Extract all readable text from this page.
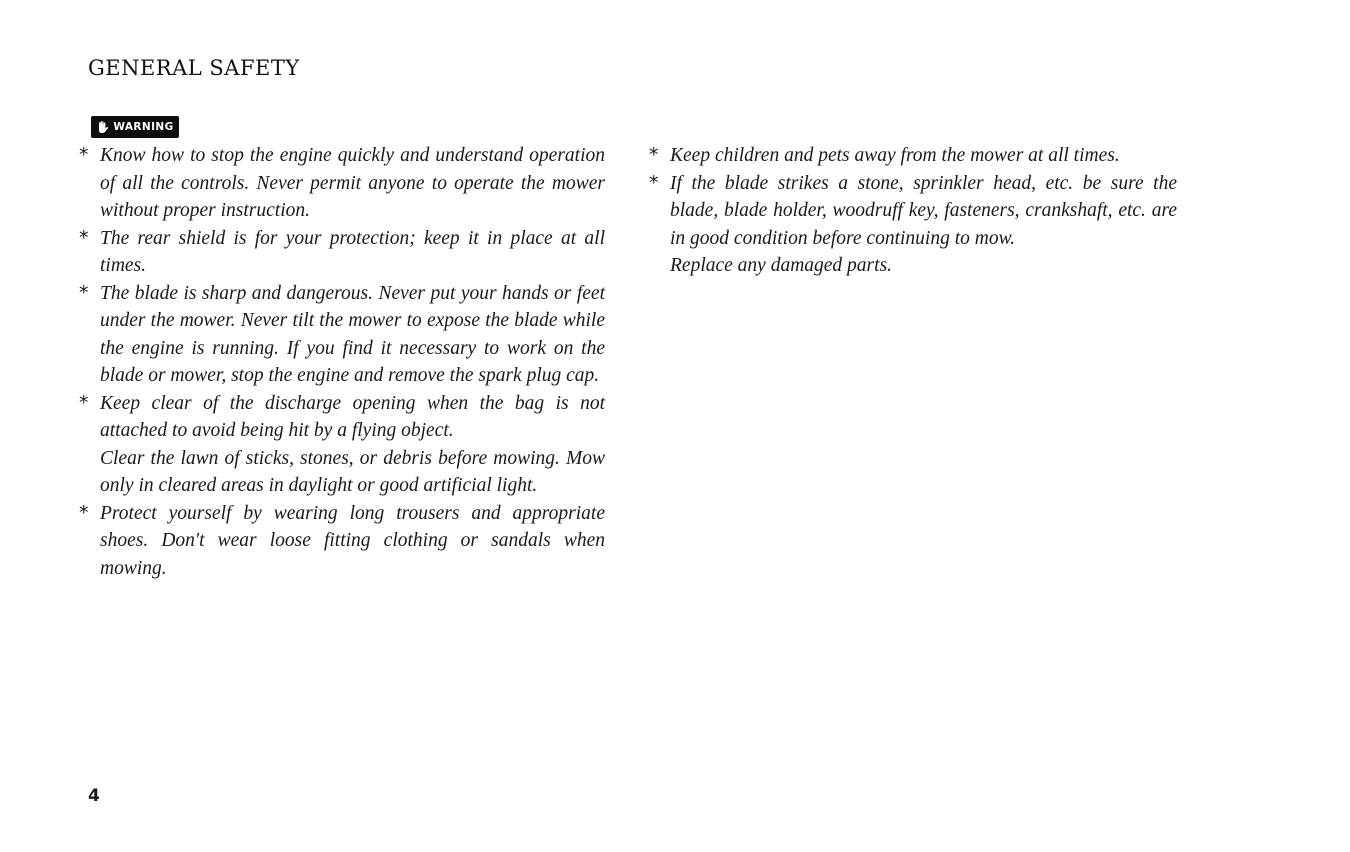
GENERAL SAFETY
WARNING
* Know how to stop the engine quickly and understand operation of all the controls. Never permit anyone to operate the mower without proper instruction.
* The rear shield is for your protection; keep it in place at all times.
* The blade is sharp and dangerous. Never put your hands or feet under the mower. Never tilt the mower to expose the blade while the engine is running. If you find it necessary to work on the blade or mower, stop the engine and remove the spark plug cap.
* Keep clear of the discharge opening when the bag is not attached to avoid being hit by a flying object.
Clear the lawn of sticks, stones, or debris before mowing. Mow only in cleared areas in daylight or good artificial light.
* Protect yourself by wearing long trousers and appropriate shoes. Don't wear loose fitting clothing or sandals when mowing.
* Keep children and pets away from the mower at all times.
* If the blade strikes a stone, sprinkler head, etc. be sure the blade, blade holder, woodruff key, fasteners, crankshaft, etc. are in good condition before continuing to mow.
Replace any damaged parts.

4
